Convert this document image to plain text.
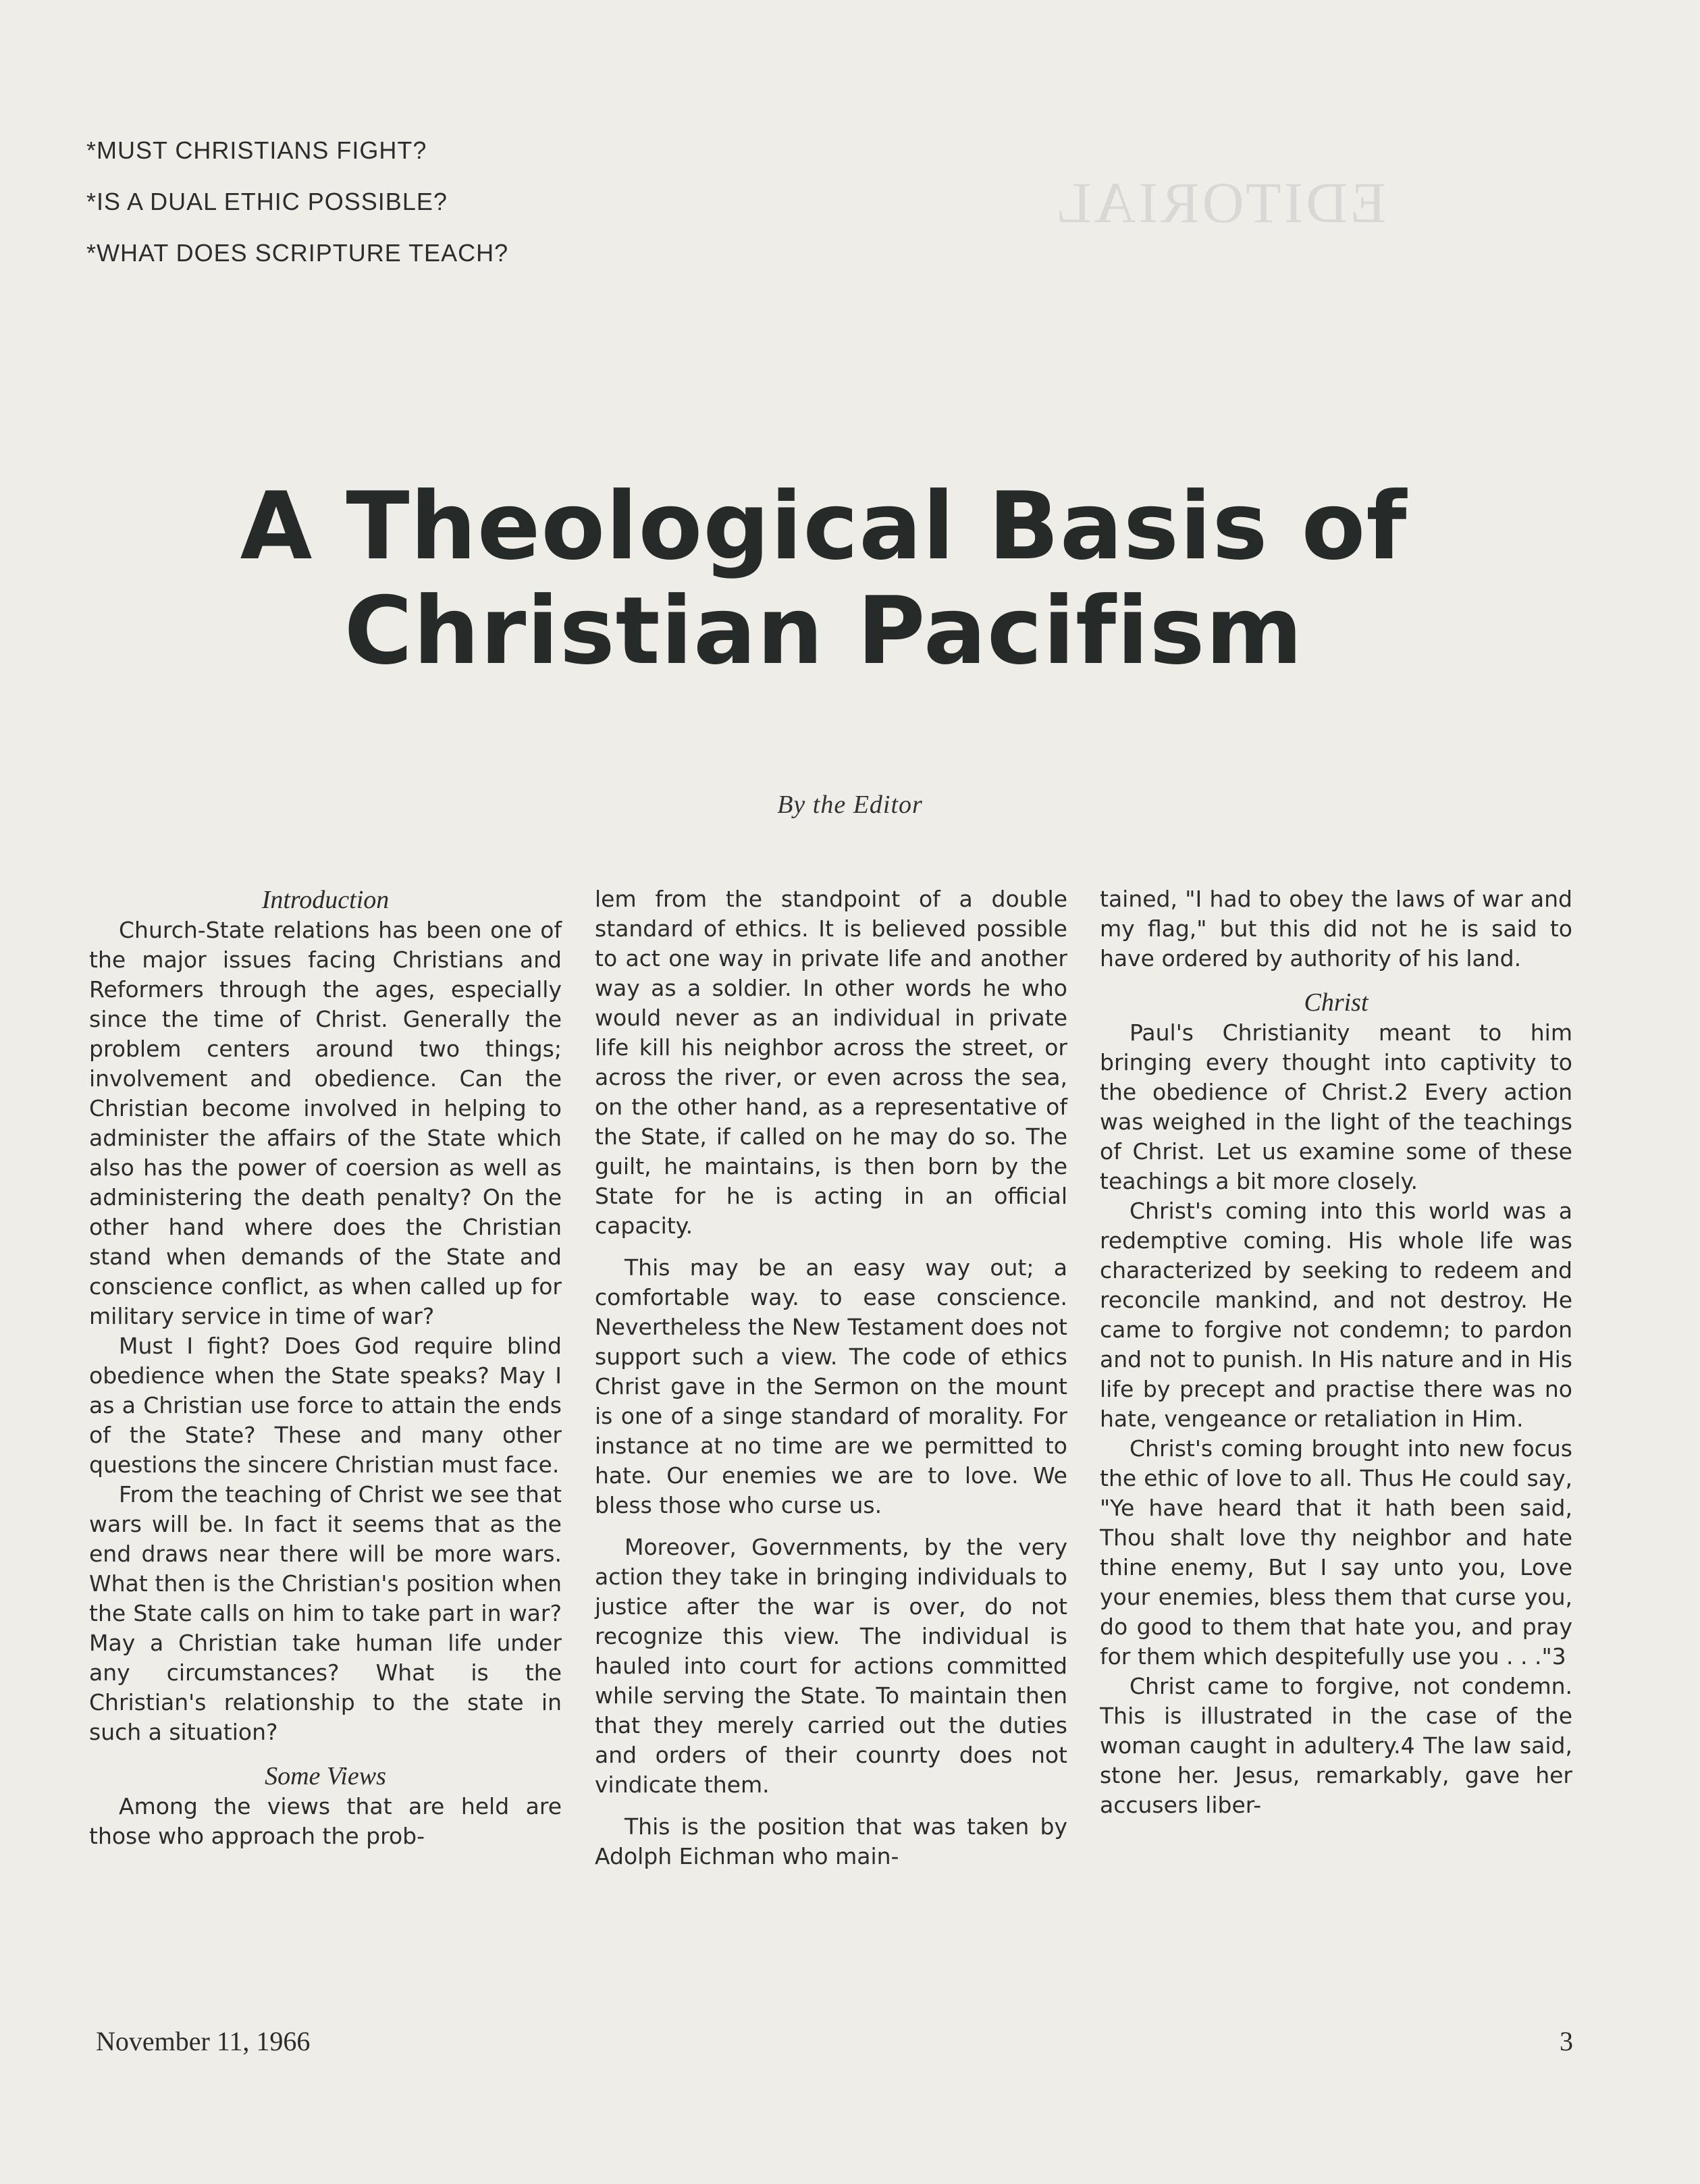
EDITORIAL
*MUST CHRISTIANS FIGHT?
*IS A DUAL ETHIC POSSIBLE?
*WHAT DOES SCRIPTURE TEACH?
A Theological Basis of
Christian Pacifism
By the Editor

Introduction

Church-State relations has been one of the major issues facing Christians and Reformers through the ages, especially since the time of Christ. Generally the problem centers around two things; involvement and obedience. Can the Christian become involved in helping to administer the affairs of the State which also has the power of coersion as well as administering the death penalty? On the other hand where does the Christian stand when demands of the State and conscience conflict, as when called up for military service in time of war?

Must I fight? Does God require blind obedience when the State speaks? May I as a Christian use force to attain the ends of the State? These and many other questions the sincere Christian must face.

From the teaching of Christ we see that wars will be. In fact it seems that as the end draws near there will be more wars. What then is the Christian's position when the State calls on him to take part in war? May a Christian take human life under any circumstances? What is the Christian's relationship to the state in such a situation?

Some Views

Among the views that are held are those who approach the prob-

lem from the standpoint of a double standard of ethics. It is believed possible to act one way in private life and another way as a soldier. In other words he who would never as an individual in private life kill his neighbor across the street, or across the river, or even across the sea, on the other hand, as a representative of the State, if called on he may do so. The guilt, he maintains, is then born by the State for he is acting in an official capacity.

This may be an easy way out; a comfortable way. to ease conscience. Nevertheless the New Testament does not support such a view. The code of ethics Christ gave in the Sermon on the mount is one of a singe standard of morality. For instance at no time are we permitted to hate. Our enemies we are to love. We bless those who curse us.

Moreover, Governments, by the very action they take in bringing individuals to justice after the war is over, do not recognize this view. The individual is hauled into court for actions committed while serving the State. To maintain then that they merely carried out the duties and orders of their counrty does not vindicate them.

This is the position that was taken by Adolph Eichman who main-

tained, "I had to obey the laws of war and my flag," but this did not he is said to have ordered by authority of his land.

Christ

Paul's Christianity meant to him bringing every thought into captivity to the obedience of Christ.2 Every action was weighed in the light of the teachings of Christ. Let us examine some of these teachings a bit more closely.

Christ's coming into this world was a redemptive coming. His whole life was characterized by seeking to redeem and reconcile mankind, and not destroy. He came to forgive not condemn; to pardon and not to punish. In His nature and in His life by precept and practise there was no hate, vengeance or retaliation in Him.

Christ's coming brought into new focus the ethic of love to all. Thus He could say, "Ye have heard that it hath been said, Thou shalt love thy neighbor and hate thine enemy, But I say unto you, Love your enemies, bless them that curse you, do good to them that hate you, and pray for them which despitefully use you . . ."3

Christ came to forgive, not condemn. This is illustrated in the case of the woman caught in adultery.4 The law said, stone her. Jesus, remarkably, gave her accusers liber-

November 11, 1966	3
